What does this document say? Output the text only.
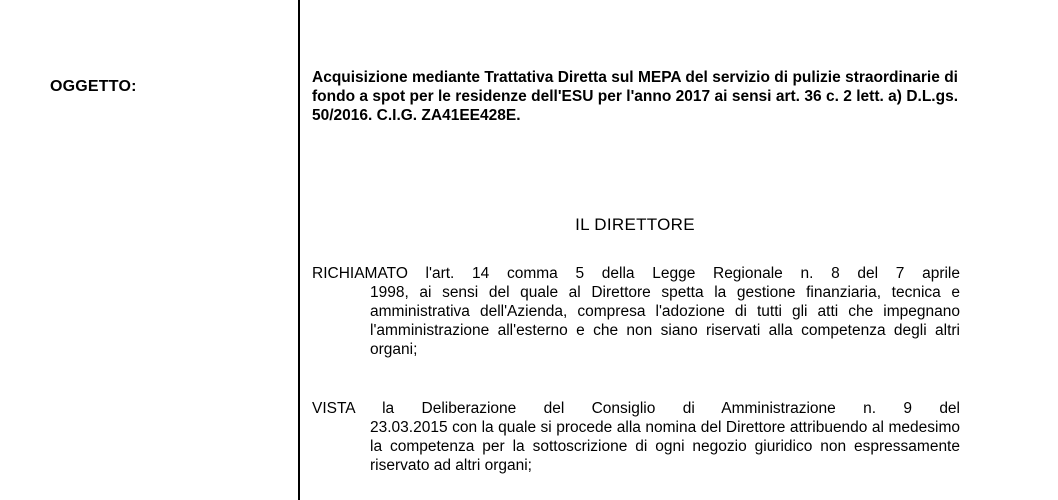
OGGETTO:
Acquisizione mediante Trattativa Diretta sul MEPA del servizio di pulizie straordinarie di fondo a spot per le residenze dell'ESU per l'anno 2017 ai sensi art. 36 c. 2 lett. a) D.L.gs. 50/2016. C.I.G. ZA41EE428E.
IL DIRETTORE
RICHIAMATO l'art. 14 comma 5 della Legge Regionale n. 8 del 7 aprile
1998, ai sensi del quale al Direttore spetta la gestione finanziaria, tecnica e amministrativa dell'Azienda, compresa l'adozione di tutti gli atti che impegnano l'amministrazione all'esterno e che non siano riservati alla competenza degli altri organi;
VISTA la Deliberazione del Consiglio di Amministrazione n. 9 del
23.03.2015 con la quale si procede alla nomina del Direttore attribuendo al medesimo la competenza per la sottoscrizione di ogni negozio giuridico non espressamente riservato ad altri organi;
